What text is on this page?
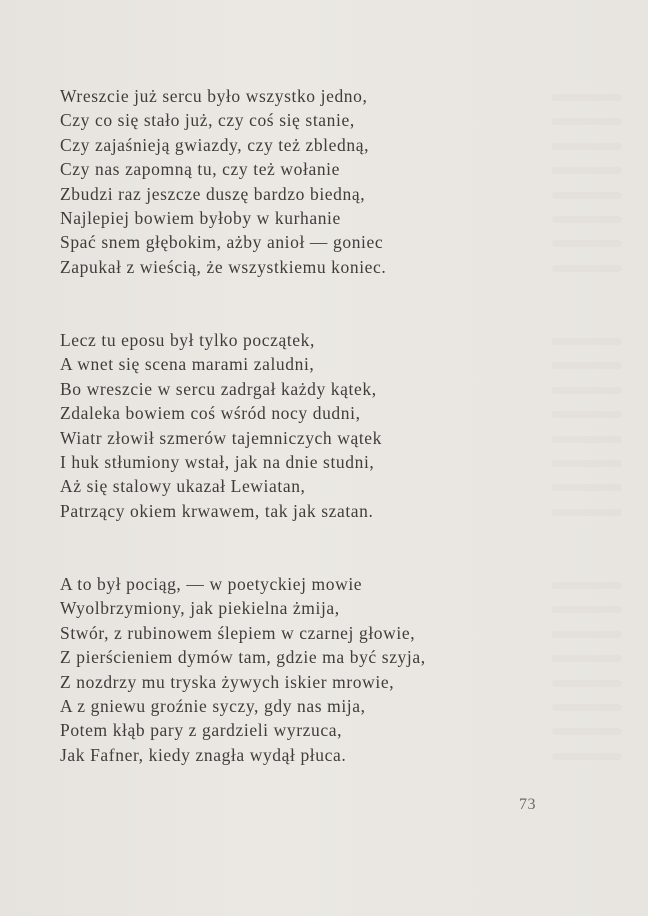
Wreszcie już sercu było wszystko jedno,
Czy co się stało już, czy coś się stanie,
Czy zajaśnieją gwiazdy, czy też zbledną,
Czy nas zapomną tu, czy też wołanie
Zbudzi raz jeszcze duszę bardzo biedną,
Najlepiej bowiem byłoby w kurhanie
Spać snem głębokim, ażby anioł — goniec
Zapukał z wieścią, że wszystkiemu koniec.
Lecz tu eposu był tylko początek,
A wnet się scena marami zaludni,
Bo wreszcie w sercu zadrgał każdy kątek,
Zdaleka bowiem coś wśród nocy dudni,
Wiatr złowił szmerów tajemniczych wątek
I huk stłumiony wstał, jak na dnie studni,
Aż się stalowy ukazał Lewiatan,
Patrzący okiem krwawem, tak jak szatan.
A to był pociąg, — w poetyckiej mowie
Wyolbrzymiony, jak piekielna żmija,
Stwór, z rubinowem ślepiem w czarnej głowie,
Z pierścieniem dymów tam, gdzie ma być szyja,
Z nozdrzy mu tryska żywych iskier mrowie,
A z gniewu groźnie syczy, gdy nas mija,
Potem kłąb pary z gardzieli wyrzuca,
Jak Fafner, kiedy znagła wydął płuca.
73
